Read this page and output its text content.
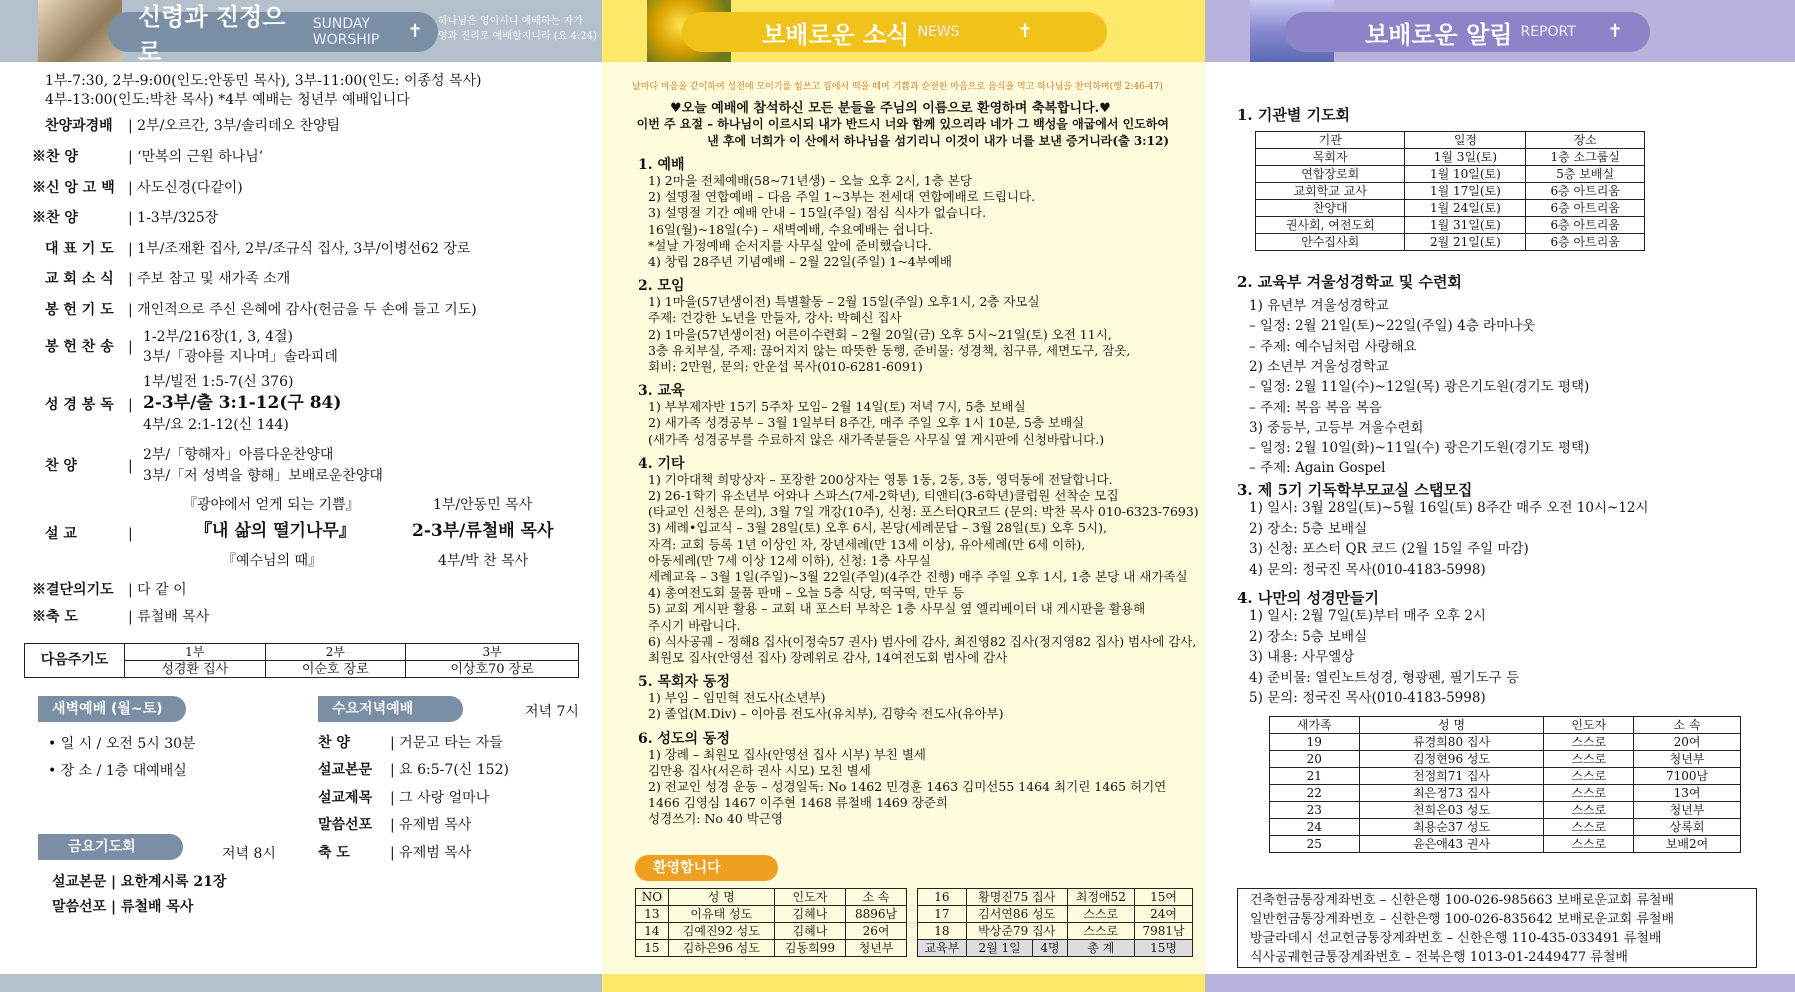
신령과 진정으로
SUNDAY WORSHIP	✝ 하나님은 영이시니 예배하는 자가
영과 진리로 예배할지니라 (요 4:24)
1부-7:30, 2부-9:00(인도:안동민 목사), 3부-11:00(인도: 이종성 목사)
4부-13:00(인도:박찬 목사) *4부 예배는 청년부 예배입니다
찬양과경배 | 2부/오르간, 3부/솔리데오 찬양팀
※찬 양	| ‘만복의 근원 하나님’
※신 앙 고 백 | 사도신경(다같이)
※찬 양	| 1-3부/325장
대 표 기 도 | 1부/조재환 집사, 2부/조규식 집사, 3부/이병선62 장로
교 회 소 식 | 주보 참고 및 새가족 소개
봉 헌 기 도 | 개인적으로 주신 은혜에 감사(헌금을 두 손에 들고 기도)
봉 헌 찬 송 |
1-2부/216장(1, 3, 4절)
3부/「광야를 지나며」솔라피데
성 경 봉 독 |
1부/빌전 1:5-7(신 376)
2-3부/출 3:1-12(구 84)
4부/요 2:1-12(신 144)
찬 양	|
2부/「향해자」아름다운찬양대
3부/「저 성벽을 향해」보배로운찬양대
설 교	|
『광야에서 얻게 되는 기쁨』	1부/안동민 목사
『내 삶의 떨기나무』	2-3부/류철배 목사
『예수님의 때』	4부/박 찬 목사
※결단의기도 | 다 같 이
※축 도	| 류철배 목사
다음주기도	1부	2부	3부
	성경환 집사	이순호 장로	이상호70 장로
새벽예배 (월~토)
• 일 시 / 오전 5시 30분
• 장 소 / 1층 대예배실
수요저녁예배	저녁 7시
찬 양	| 거문고 타는 자들
설교본문 | 요 6:5-7(신 152)
설교제목 | 그 사랑 얼마나
말씀선포 | 유제범 목사
축 도	| 유제범 목사
금요기도회	저녁 8시
설교본문 | 요한계시록 21장
말씀선포 | 류철배 목사
보배로운 소식 NEWS	✝
날마다 마음을 같이하여 성전에 모이기를 힘쓰고 집에서 떡을 떼며 기쁨과 순전한 마음으로 음식을 먹고 하나님을 찬미하며(행 2:46-47)
♥오늘 예배에 참석하신 모든 분들을 주님의 이름으로 환영하며 축복합니다.♥
이번 주 요절 – 하나님이 이르시되 내가 반드시 너와 함께 있으리라 네가 그 백성을 애굽에서 인도하여
낸 후에 너희가 이 산에서 하나님을 섬기리니 이것이 내가 너를 보낸 증거니라(출 3:12)
환영합니다
NO	성 명	인도자	소 속
13	이유태 성도	김혜나	8896남
14	김예진92 성도	김혜나	26여
15	김하은96 성도	김동희99	청년부
16	황명진75 집사		최정애52	15여
17	김서연86 성도		스스로	24여
18	박상준79 집사		스스로	7981남
교육부	2월 1일	4명	총 계	15명
1. 예배
1) 2마을 전체예배(58~71년생) – 오늘 오후 2시, 1층 본당
2) 설명절 연합예배 – 다음 주일 1~3부는 전세대 연합예배로 드립니다.
3) 설명절 기간 예배 안내 – 15일(주일) 점심 식사가 없습니다.
16일(월)~18일(수) – 새벽예배, 수요예배는 쉽니다.
*설날 가정예배 순서지를 사무실 앞에 준비했습니다.
4) 창립 28주년 기념예배 – 2월 22일(주일) 1~4부예배
2. 모임
1) 1마을(57년생이전) 특별활동 – 2월 15일(주일) 오후1시, 2층 자모실
주제: 건강한 노년을 만들자, 강사: 박혜신 집사
2) 1마을(57년생이전) 어른이수련회 – 2월 20일(금) 오후 5시~21일(토) 오전 11시,
3층 유치부실, 주제: 끊어지지 않는 따뜻한 동행, 준비물: 성경책, 침구류, 세면도구, 잠옷,
회비: 2만원, 문의: 안운섭 목사(010-6281-6091)
3. 교육
1) 부부제자반 15기 5주차 모임– 2월 14일(토) 저녁 7시, 5층 보배실
2) 새가족 성경공부 – 3월 1일부터 8주간, 매주 주일 오후 1시 10분, 5층 보배실
(새가족 성경공부를 수료하지 않은 새가족분들은 사무실 옆 게시판에 신청바랍니다.)
4. 기타
1) 기아대책 희망상자 – 포장한 200상자는 영통 1동, 2동, 3동, 영덕동에 전달합니다.
2) 26-1학기 유소년부 어와나 스파스(7세-2학년), 티앤티(3-6학년)클럽원 선착순 모집
(타교인 신청은 문의), 3월 7일 개강(10주), 신청: 포스터QR코드 (문의: 박찬 목사 010-6323-7693)
3) 세례•입교식 – 3월 28일(토) 오후 6시, 본당(세례문답 – 3월 28일(토) 오후 5시),
자격: 교회 등록 1년 이상인 자, 장년세례(만 13세 이상), 유아세례(만 6세 이하),
아동세례(만 7세 이상 12세 이하), 신청: 1층 사무실
세례교육 – 3월 1일(주일)~3월 22일(주일)(4주간 진행) 매주 주일 오후 1시, 1층 본당 내 새가족실
4) 총여전도회 물품 판매 – 오늘 5층 식당, 떡국떡, 만두 등
5) 교회 게시판 활용 – 교회 내 포스터 부착은 1층 사무실 옆 엘리베이터 내 게시판을 활용해
주시기 바랍니다.
6) 식사공궤 – 정해8 집사(이정숙57 권사) 범사에 감사, 최진영82 집사(정지영82 집사) 범사에 감사,
최원모 집사(안영선 집사) 장례위로 감사, 14여전도회 범사에 감사
5. 목회자 동정
1) 부임 – 임민혁 전도사(소년부)
2) 졸업(M.Div) – 이아름 전도사(유치부), 김향숙 전도사(유아부)
6. 성도의 동정
1) 장례 – 최원모 집사(안영선 집사 시부) 부친 별세
김만용 집사(서은하 권사 시모) 모친 별세
2) 전교인 성경 운동 – 성경일독: No 1462 민경훈 1463 김미선55 1464 최기린 1465 허기연
1466 김영심 1467 이주현 1468 류철배 1469 장준희
성경쓰기: No 40 박근영
보배로운 알림 REPORT ✝
1. 기관별 기도회
기관	일정	장소
목회자	1월 3일(토)	1층 소그룹실
연합장로회	1월 10일(토)	5층 보배실
교회학교 교사	1월 17일(토)	6층 아트리움
찬양대	1월 24일(토)	6층 아트리움
권사회, 여전도회	1월 31일(토)	6층 아트리움
안수집사회	2월 21일(토)	6층 아트리움
2. 교육부 겨울성경학교 및 수련회
3. 제 5기 기독학부모교실 스탭모집
4. 나만의 성경만들기
새가족	성 명	인도자	소 속
19	류경희80 집사	스스로	20여
20	김정현96 성도	스스로	청년부
21	천정희71 집사	스스로	7100남
22	최은정73 집사	스스로	13여
23	천희은03 성도	스스로	청년부
24	최용순37 성도	스스로	상록회
25	윤은애43 권사	스스로	보배2여
건축헌금통장계좌번호 – 신한은행 100-026-985663 보배로운교회 류철배
일반헌금통장계좌번호 – 신한은행 100-026-835642 보배로운교회 류철배
방글라데시 선교헌금통장계좌번호 – 신한은행 110-435-033491 류철배
식사공궤헌금통장계좌번호 – 전북은행 1013-01-2449477 류철배
1) 유년부 겨울성경학교
– 일정: 2월 21일(토)~22일(주일) 4층 라마나웃
– 주제: 예수님처럼 사랑해요
2) 소년부 겨울성경학교
– 일정: 2월 11일(수)~12일(목) 광은기도원(경기도 평택)
– 주제: 복음 복음 복음
3) 중등부, 고등부 겨울수련회
– 일정: 2월 10일(화)~11일(수) 광은기도원(경기도 평택)
– 주제: Again Gospel
1) 일시: 3월 28일(토)~5월 16일(토) 8주간 매주 오전 10시~12시
2) 장소: 5층 보배실
3) 신청: 포스터 QR 코드 (2월 15일 주일 마감)
4) 문의: 정국진 목사(010-4183-5998)
1) 일시: 2월 7일(토)부터 매주 오후 2시
2) 장소: 5층 보배실
3) 내용: 사무엘상
4) 준비물: 열린노트성경, 형광펜, 필기도구 등
5) 문의: 정국진 목사(010-4183-5998)
